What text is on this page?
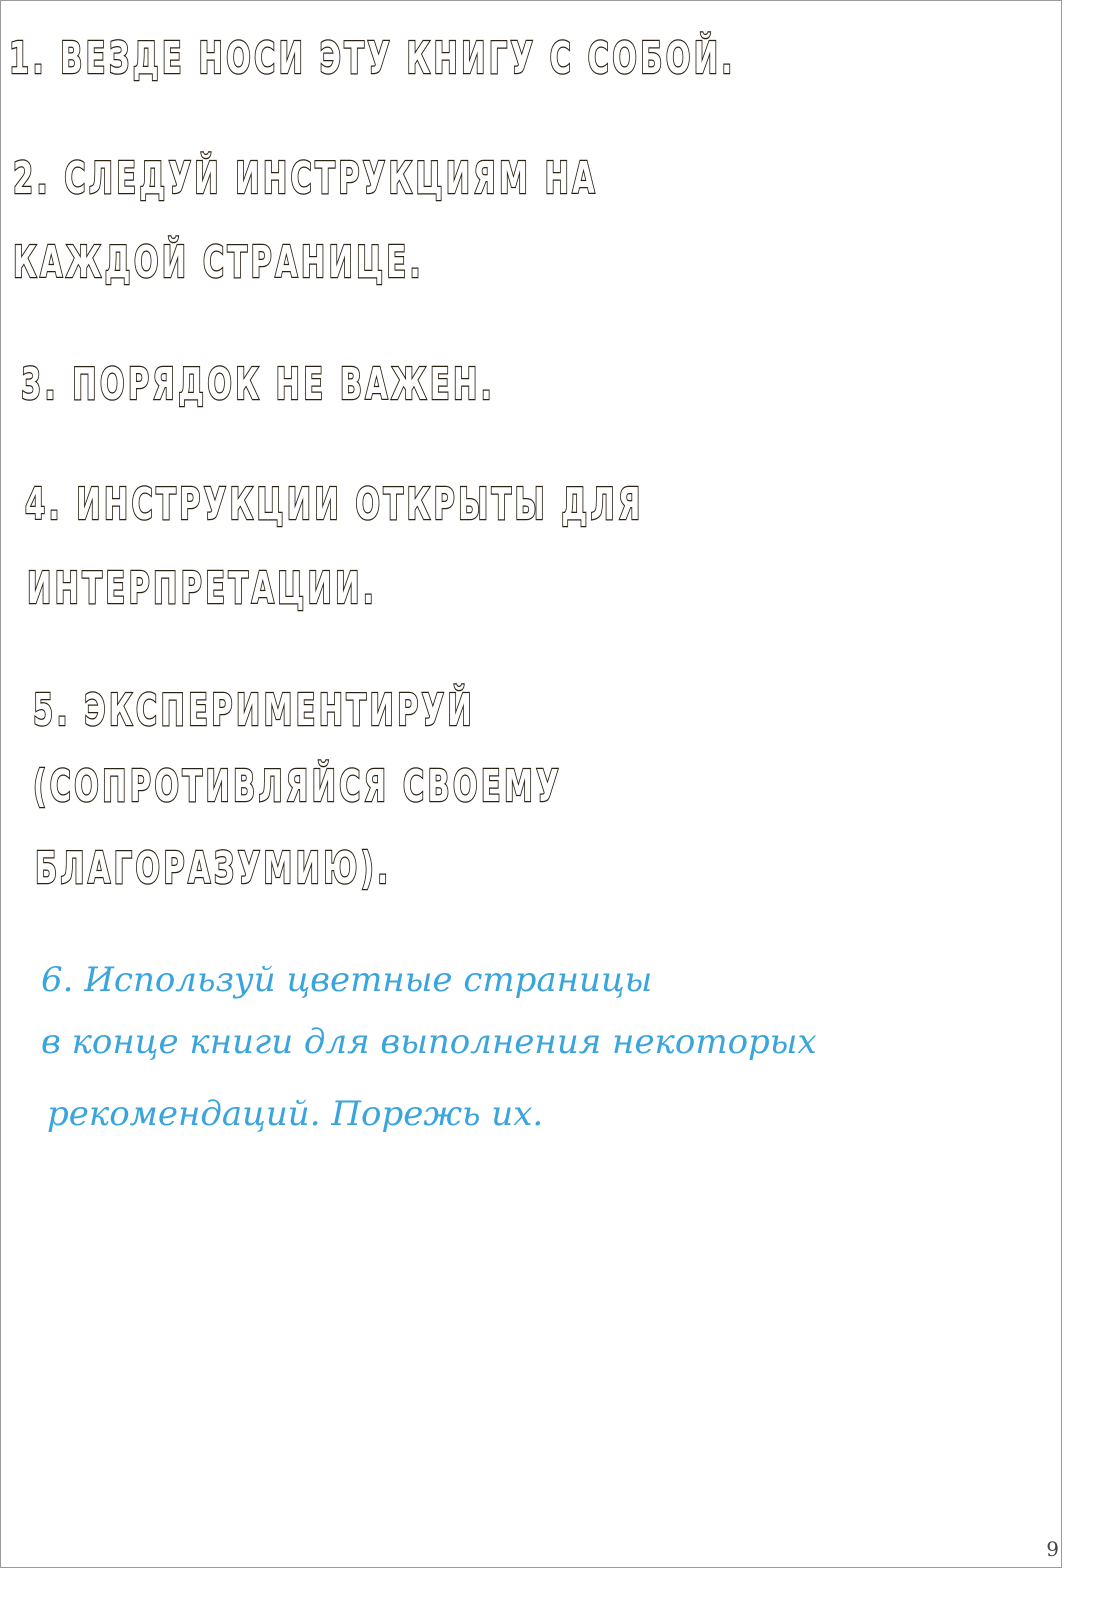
1. ВЕЗДЕ НОСИ ЭТУ КНИГУ С СОБОЙ.

2. СЛЕДУЙ ИНСТРУКЦИЯМ НА

КАЖДОЙ СТРАНИЦЕ.

3. ПОРЯДОК НЕ ВАЖЕН.

4. ИНСТРУКЦИИ ОТКРЫТЫ ДЛЯ

ИНТЕРПРЕТАЦИИ.

5. ЭКСПЕРИМЕНТИРУЙ

(СОПРОТИВЛЯЙСЯ СВОЕМУ

БЛАГОРАЗУМИЮ).

6. Используй цветные страницы

в конце книги для выполнения некоторых

рекомендаций. Порежь их.

9
